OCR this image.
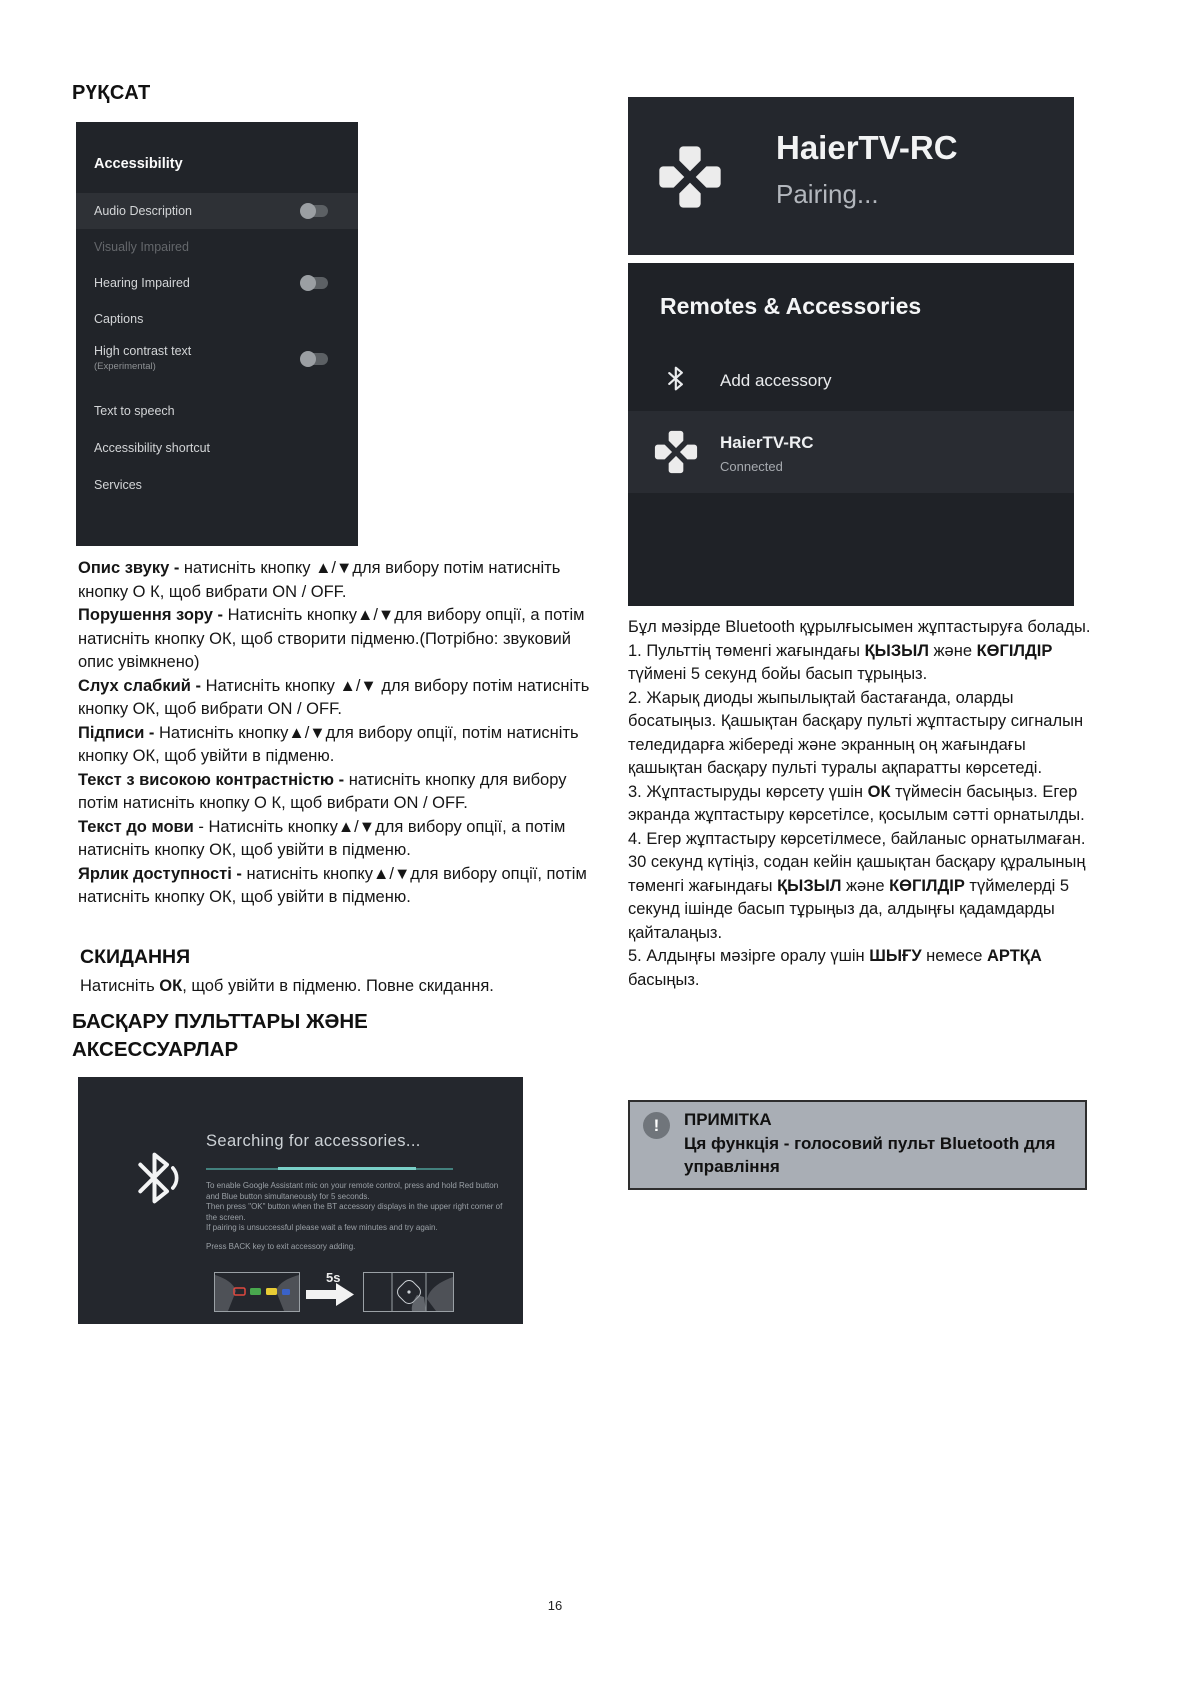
РҮҚСАТ
Accessibility
Audio Description
Visually Impaired
Hearing Impaired
Captions
High contrast text
(Experimental)
Text to speech
Accessibility shortcut
Services

Опис звуку - натисніть кнопку ▲/▼для вибору потім натисніть кнопку О К, щоб вибрати ON / OFF.

Порушення зору - Натисніть кнопку▲/▼для вибору опції, а потім натисніть кнопку ОК, щоб створити підменю.(Потрібно: звуковий опис увімкнено)

Слух слабкий - Натисніть кнопку ▲/▼ для вибору потім натисніть кнопку ОК, щоб вибрати ON / OFF.

Підписи - Натисніть кнопку▲/▼для вибору опції, потім натисніть кнопку ОК, щоб увійти в підменю.

Текст з високою контрастністю - натисніть кнопку для вибору потім натисніть кнопку О К, щоб вибрати ON / OFF.

Текст до мови - Натисніть кнопку▲/▼для вибору опції, а потім натисніть кнопку ОК, щоб увійти в підменю.

Ярлик доступності - натисніть кнопку▲/▼для вибору опції, потім натисніть кнопку ОК, щоб увійти в підменю.

СКИДАННЯ
Натисніть ОК, щоб увійти в підменю. Повне скидання.
БАСҚАРУ ПУЛЬТТАРЫ ЖӘНЕ
АКСЕССУАРЛАР
Searching for accessories...
To enable Google Assistant mic on your remote control, press and hold Red button
and Blue button simultaneously for 5 seconds.
Then press "OK" button when the BT accessory displays in the upper right corner of
the screen.
If pairing is unsuccessful please wait a few minutes and try again.
Press BACK key to exit accessory adding.
5s
HaierTV-RC
Pairing...
Remotes & Accessories
Add accessory
HaierTV-RC
Connected

Бұл мәзірде Bluetooth құрылғысымен жұптастыруға болады.

1. Пульттің төменгі жағындағы ҚЫЗЫЛ және КӨГІЛДІР түймені 5 секунд бойы басып тұрыңыз.

2. Жарық диоды жыпылықтай бастағанда, оларды босатыңыз. Қашықтан басқару пульті жұптастыру сигналын теледидарға жібереді және экранның оң жағындағы қашықтан басқару пульті туралы ақпаратты көрсетеді.

3. Жұптастыруды көрсету үшін ОК түймесін басыңыз. Егер экранда жұптастыру көрсетілсе, қосылым сәтті орнатылды.

4. Егер жұптастыру көрсетілмесе, байланыс орнатылмаған. 30 секунд күтіңіз, содан кейін қашықтан басқару құралының төменгі жағындағы ҚЫЗЫЛ және КӨГІЛДІР түймелерді 5 секунд ішінде басып тұрыңыз да, алдыңғы қадамдарды қайталаңыз.

5. Алдыңғы мәзірге оралу үшін ШЫҒУ немесе АРТҚА басыңыз.

!	ПРИМІТКА

Ця функція - голосовий пульт Bluetooth для управління

16
